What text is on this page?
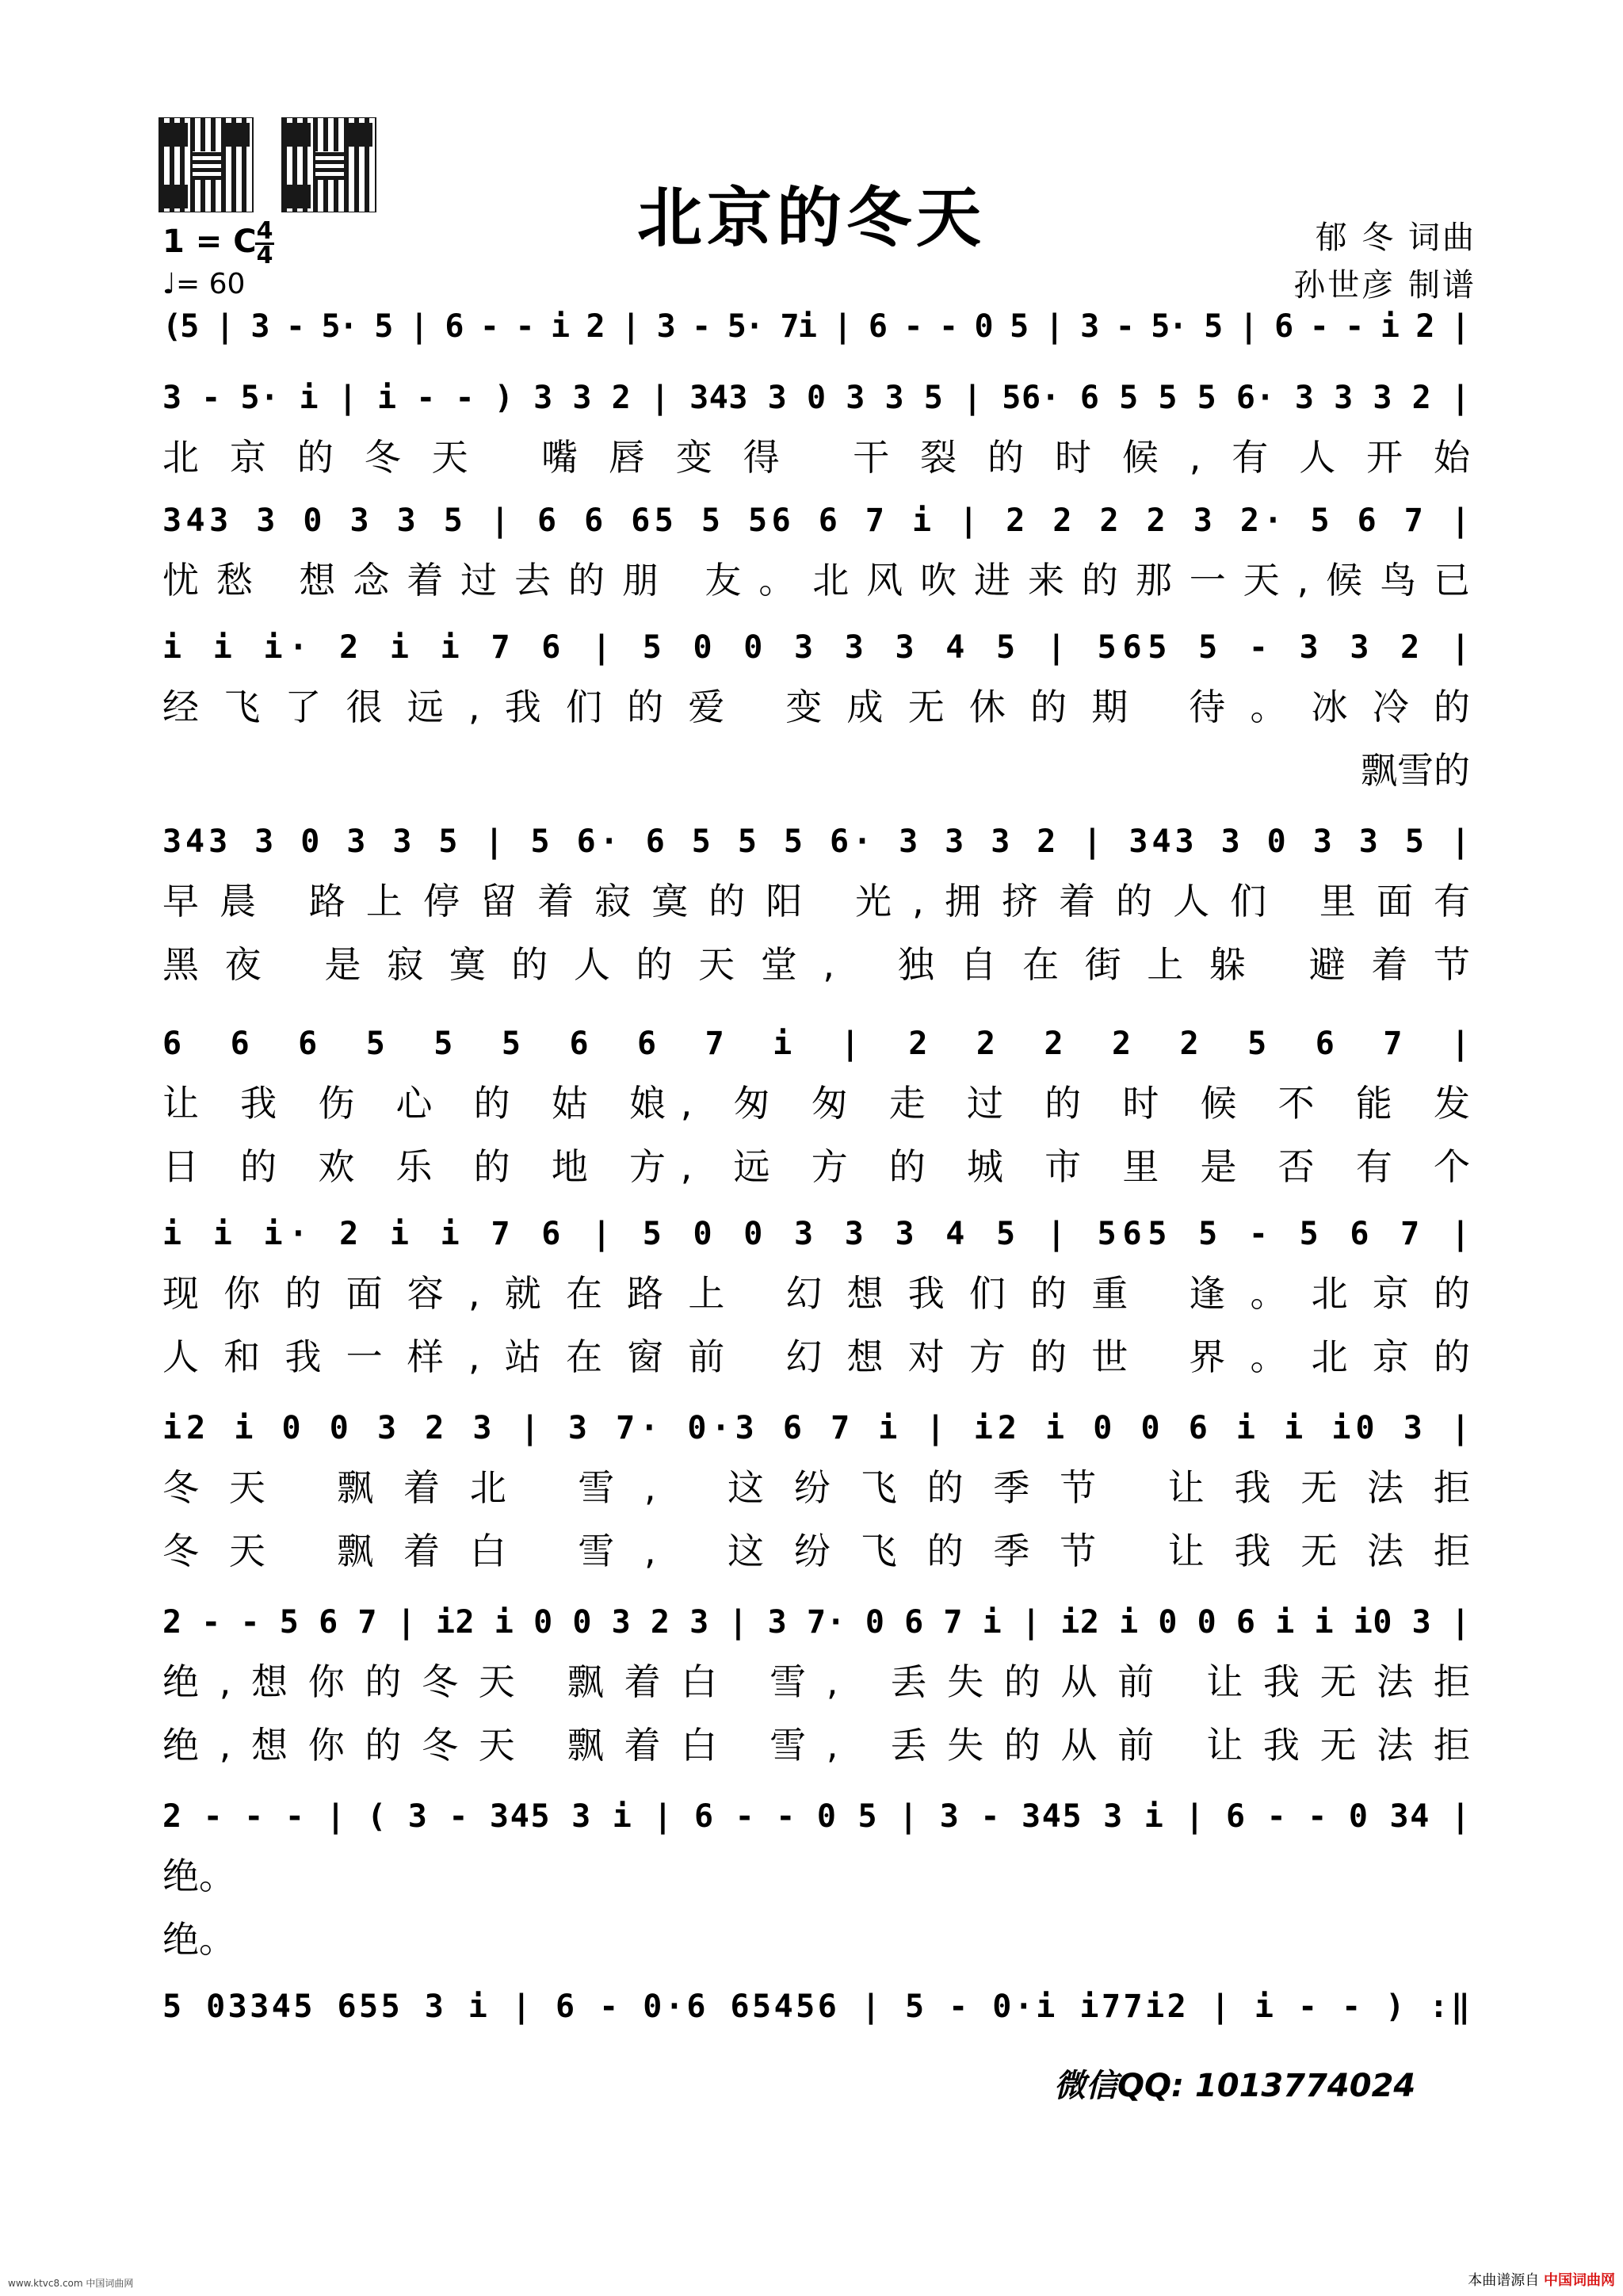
北京的冬天
1 = C 4
4
♩= 60
郁 冬 词曲
孙世彦 制谱
(5 | 3 - 5· 5 | 6 - - i 2 | 3 - 5· 7i | 6 - - 0 5 | 3 - 5· 5 | 6 - - i 2 |
3 - 5· i | i - - ) 3 3 2 | 343 3 0 3 3 5 | 56· 6 5 5 5 6· 3 3 3 2 |
北京的冬天 嘴唇变得 干裂的时候,有人开始
343 3 0 3 3 5 | 6 6 65 5 56 6 7 i | 2 2 2 2 3 2· 5 6 7 |
忧愁 想念着过去的朋 友。北风吹进来的那一天,候鸟已
i i i· 2 i i 7 6 | 5 0 0 3 3 3 4 5 | 565 5 - 3 3 2 |
经飞了很远,我们的爱 变成无休的期 待。冰冷的
飘雪的
343 3 0 3 3 5 | 5 6· 6 5 5 5 6· 3 3 3 2 | 343 3 0 3 3 5 |
早晨 路上停留着寂寞的阳 光,拥挤着的人们 里面有
黑夜 是寂寞的人的天堂, 独自在街上躲 避着节
6 6 6 5 5 5 6 6 7 i | 2 2 2 2 2 5 6 7 |
让 我 伤 心 的 姑 娘, 匆 匆 走 过 的 时 候 不 能 发
日 的 欢 乐 的 地 方, 远 方 的 城 市 里 是 否 有 个
i i i· 2 i i 7 6 | 5 0 0 3 3 3 4 5 | 565 5 - 5 6 7 |
现你的面容,就在路上 幻想我们的重 逢。北京的
人和我一样,站在窗前 幻想对方的世 界。北京的
i2 i 0 0 3 2 3 | 3 7· 0·3 6 7 i | i2 i 0 0 6 i i i0 3 |
冬天 飘着北 雪, 这纷飞的季节 让我无法拒
冬天 飘着白 雪, 这纷飞的季节 让我无法拒
2 - - 5 6 7 | i2 i 0 0 3 2 3 | 3 7· 0 6 7 i | i2 i 0 0 6 i i i0 3 |
绝,想你的冬天 飘着白 雪, 丢失的从前 让我无法拒
绝,想你的冬天 飘着白 雪, 丢失的从前 让我无法拒
2 - - - | ( 3 - 345 3 i | 6 - - 0 5 | 3 - 345 3 i | 6 - - 0 34 |
绝。
绝。
5 03345 655 3 i | 6 - 0·6 65456 | 5 - 0·i i77i2 | i - - ) :‖
微信QQ: 1013774024
www.ktvc8.com 中国词曲网	本曲谱源自 中国词曲网
